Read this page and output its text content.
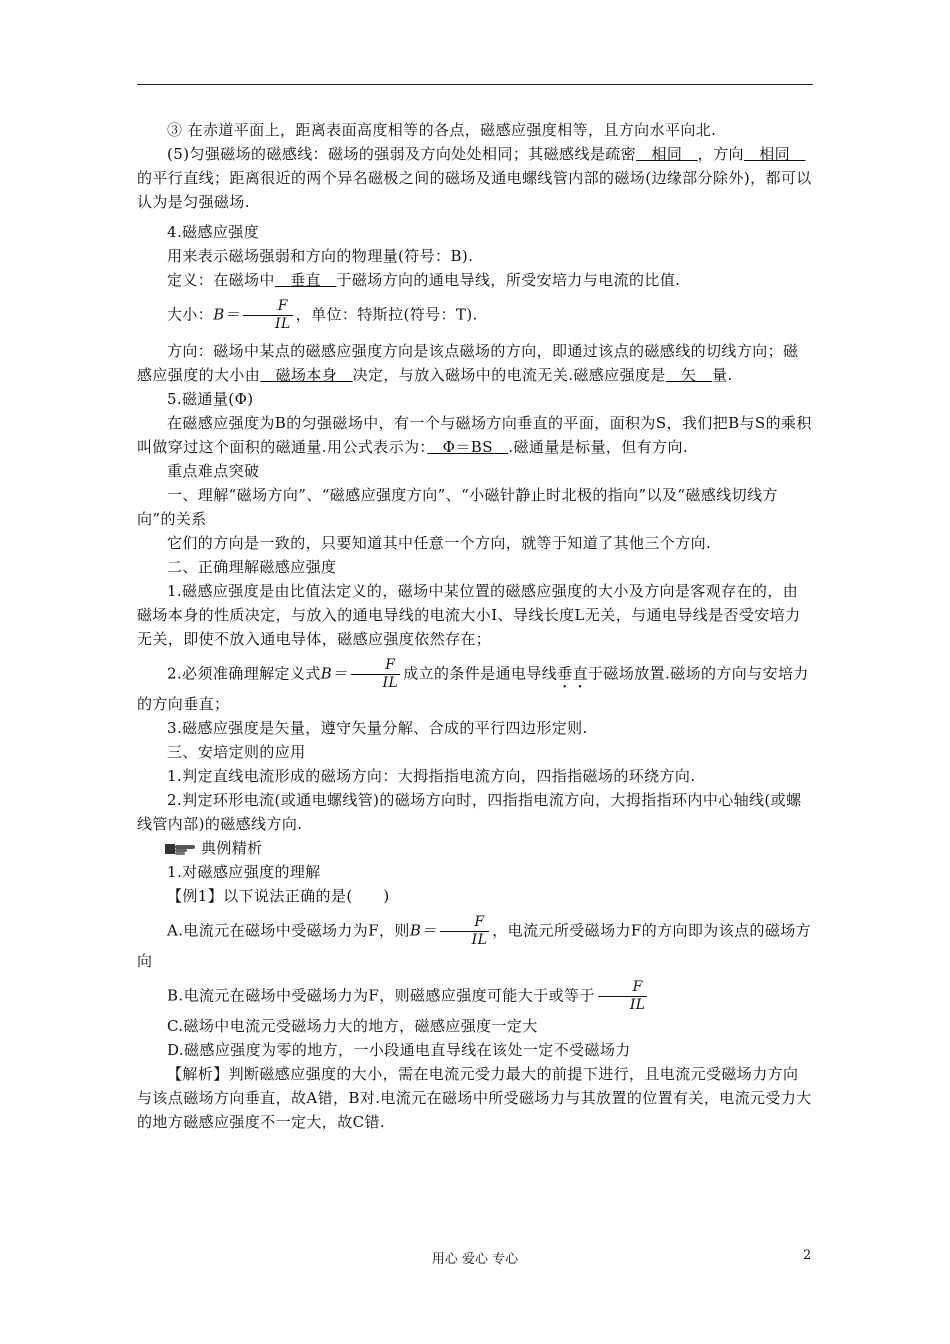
③ 在赤道平面上，距离表面高度相等的各点，磁感应强度相等，且方向水平向北.

(5)匀强磁场的磁感线：磁场的强弱及方向处处相同；其磁感线是疏密　相同　，方向　相同　的平行直线；距离很近的两个异名磁极之间的磁场及通电螺线管内部的磁场(边缘部分除外)，都可以认为是匀强磁场.

4.磁感应强度

用来表示磁场强弱和方向的物理量(符号：B).

定义：在磁场中　垂直　于磁场方向的通电导线，所受安培力与电流的比值.

大小：$B= \frac{F}{IL}$ ，单位：特斯拉(符号：T).

方向：磁场中某点的磁感应强度方向是该点磁场的方向，即通过该点的磁感线的切线方向；磁感应强度的大小由　磁场本身　决定，与放入磁场中的电流无关.磁感应强度是　矢　量.

5.磁通量(Φ)

在磁感应强度为B的匀强磁场中，有一个与磁场方向垂直的平面，面积为S，我们把B与S的乘积叫做穿过这个面积的磁通量.用公式表示为：　Φ＝BS　.磁通量是标量，但有方向.

重点难点突破

一、理解“磁场方向”、“磁感应强度方向”、“小磁针静止时北极的指向”以及“磁感线切线方向”的关系

它们的方向是一致的，只要知道其中任意一个方向，就等于知道了其他三个方向.

二、正确理解磁感应强度

1.磁感应强度是由比值法定义的，磁场中某位置的磁感应强度的大小及方向是客观存在的，由磁场本身的性质决定，与放入的通电导线的电流大小I、导线长度L无关，与通电导线是否受安培力无关，即使不放入通电导体，磁感应强度依然存在；

2.必须准确理解定义式$B= \frac{F}{IL}$ 成立的条件是通电导线垂直于磁场放置.磁场的方向与安培力的方向垂直；

3.磁感应强度是矢量，遵守矢量分解、合成的平行四边形定则.

三、安培定则的应用

1.判定直线电流形成的磁场方向：大拇指指电流方向，四指指磁场的环绕方向.

2.判定环形电流(或通电螺线管)的磁场方向时，四指指电流方向，大拇指指环内中心轴线(或螺线管内部)的磁感线方向.

典例精析

1.对磁感应强度的理解

【例1】以下说法正确的是(　　)

A.电流元在磁场中受磁场力为F，则$B= \frac{F}{IL}$ ，电流元所受磁场力F的方向即为该点的磁场方向

B.电流元在磁场中受磁场力为F，则磁感应强度可能大于或等于 $\frac{F}{IL}$

C.磁场中电流元受磁场力大的地方，磁感应强度一定大

D.磁感应强度为零的地方，一小段通电直导线在该处一定不受磁场力

【解析】判断磁感应强度的大小，需在电流元受力最大的前提下进行，且电流元受磁场力方向与该点磁场方向垂直，故A错，B对.电流元在磁场中所受磁场力与其放置的位置有关，电流元受力大的地方磁感应强度不一定大，故C错.

用心 爱心 专心	2
